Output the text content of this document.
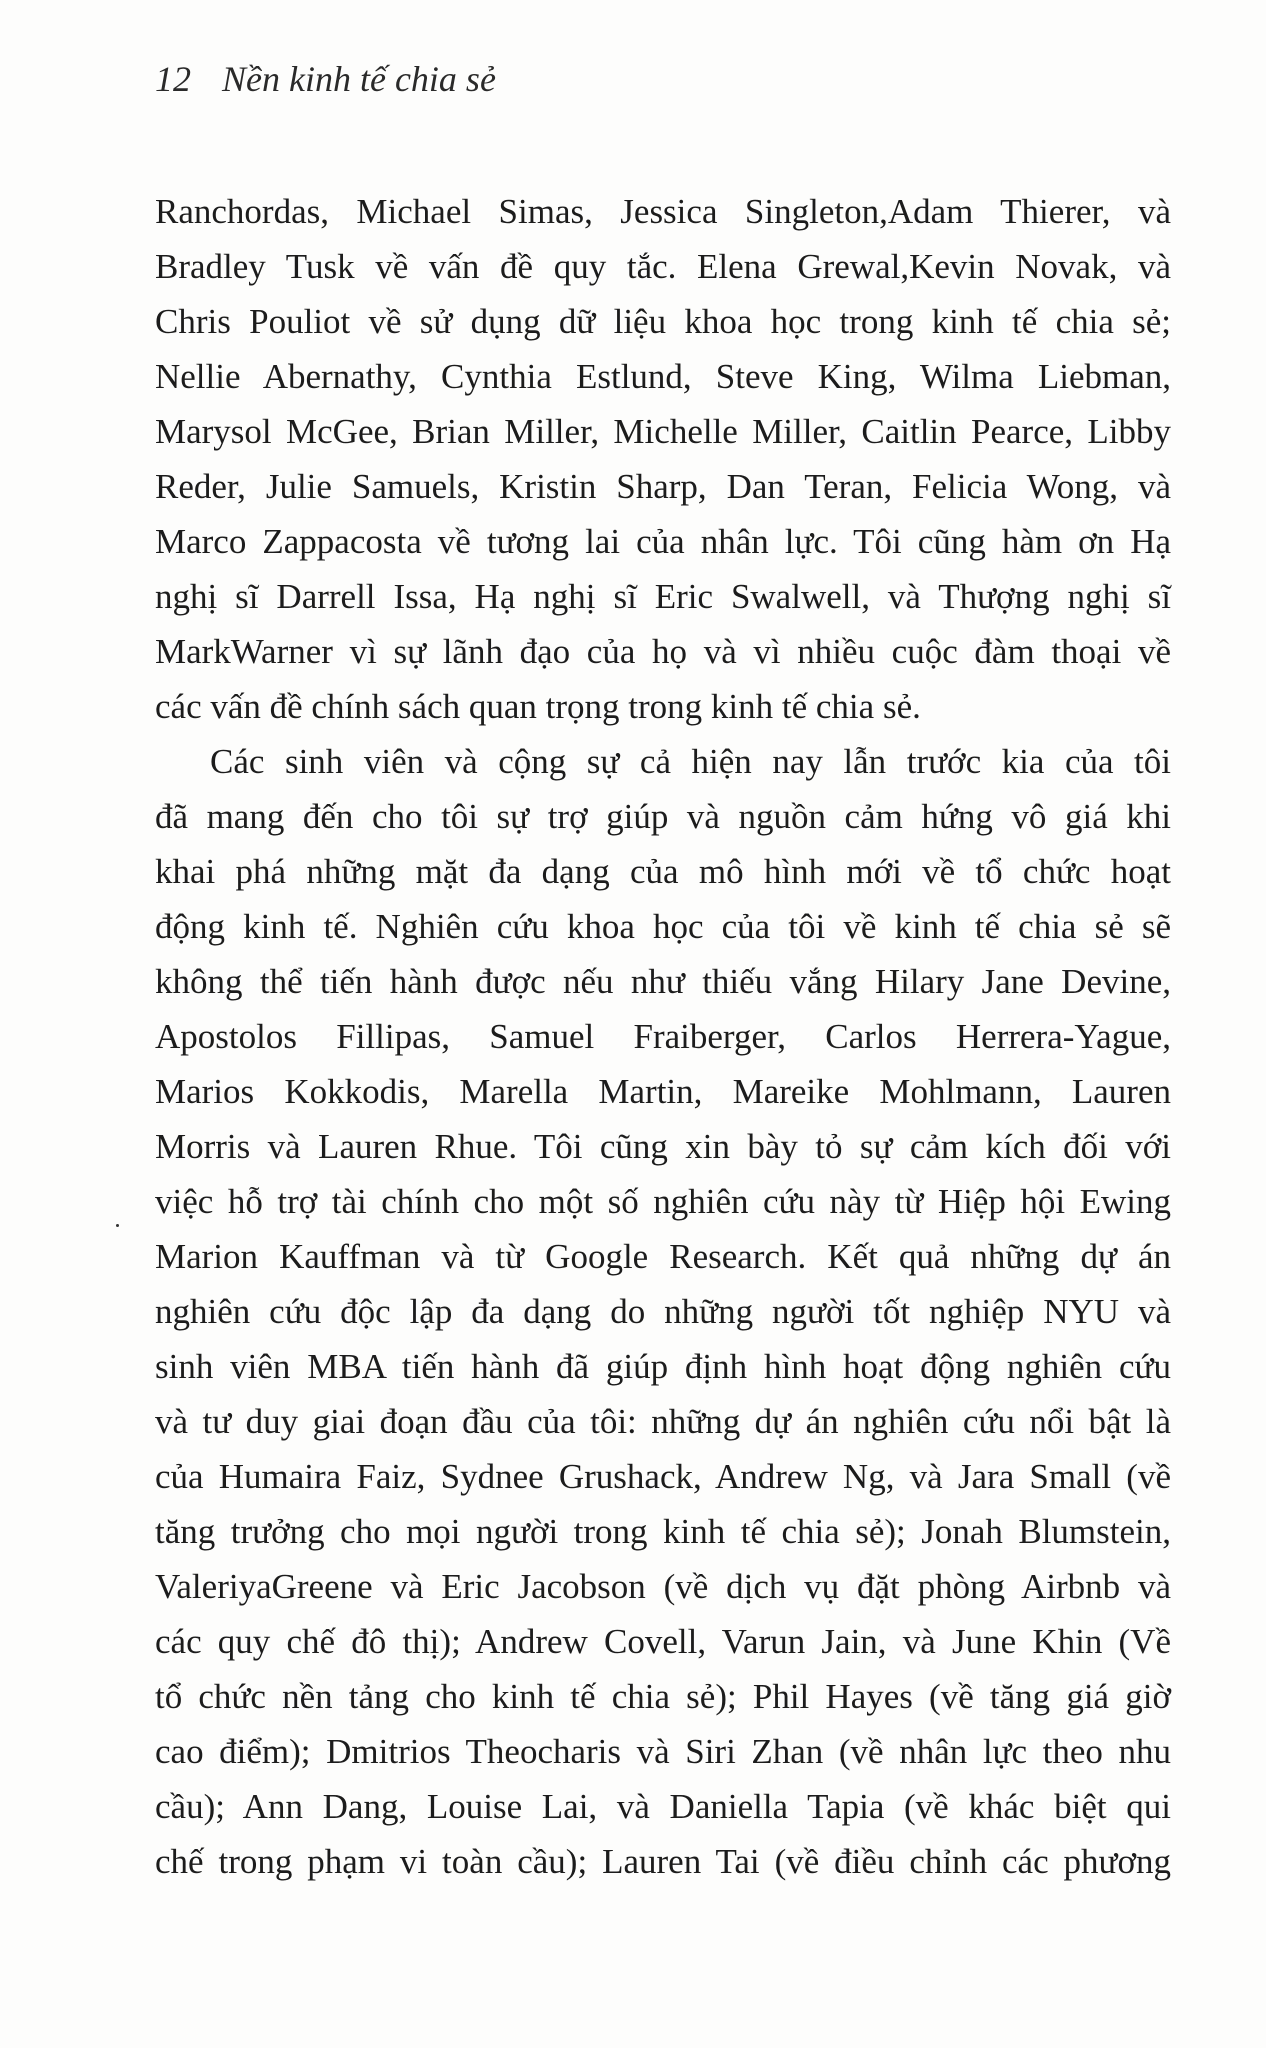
12 Nền kinh tế chia sẻ
Ranchordas, Michael Simas, Jessica Singleton,Adam Thierer, và
Bradley Tusk về vấn đề quy tắc. Elena Grewal,Kevin Novak, và
Chris Pouliot về sử dụng dữ liệu khoa học trong kinh tế chia sẻ;
Nellie Abernathy, Cynthia Estlund, Steve King, Wilma Liebman,
Marysol McGee, Brian Miller, Michelle Miller, Caitlin Pearce, Libby
Reder, Julie Samuels, Kristin Sharp, Dan Teran, Felicia Wong, và
Marco Zappacosta về tương lai của nhân lực. Tôi cũng hàm ơn Hạ
nghị sĩ Darrell Issa, Hạ nghị sĩ Eric Swalwell, và Thượng nghị sĩ
MarkWarner vì sự lãnh đạo của họ và vì nhiều cuộc đàm thoại về
các vấn đề chính sách quan trọng trong kinh tế chia sẻ.
Các sinh viên và cộng sự cả hiện nay lẫn trước kia của tôi
đã mang đến cho tôi sự trợ giúp và nguồn cảm hứng vô giá khi
khai phá những mặt đa dạng của mô hình mới về tổ chức hoạt
động kinh tế. Nghiên cứu khoa học của tôi về kinh tế chia sẻ sẽ
không thể tiến hành được nếu như thiếu vắng Hilary Jane Devine,
Apostolos Fillipas, Samuel Fraiberger, Carlos Herrera-Yague,
Marios Kokkodis, Marella Martin, Mareike Mohlmann, Lauren
Morris và Lauren Rhue. Tôi cũng xin bày tỏ sự cảm kích đối với
việc hỗ trợ tài chính cho một số nghiên cứu này từ Hiệp hội Ewing
Marion Kauffman và từ Google Research. Kết quả những dự án
nghiên cứu độc lập đa dạng do những người tốt nghiệp NYU và
sinh viên MBA tiến hành đã giúp định hình hoạt động nghiên cứu
và tư duy giai đoạn đầu của tôi: những dự án nghiên cứu nổi bật là
của Humaira Faiz, Sydnee Grushack, Andrew Ng, và Jara Small (về
tăng trưởng cho mọi người trong kinh tế chia sẻ); Jonah Blumstein,
ValeriyaGreene và Eric Jacobson (về dịch vụ đặt phòng Airbnb và
các quy chế đô thị); Andrew Covell, Varun Jain, và June Khin (Về
tổ chức nền tảng cho kinh tế chia sẻ); Phil Hayes (về tăng giá giờ
cao điểm); Dmitrios Theocharis và Siri Zhan (về nhân lực theo nhu
cầu); Ann Dang, Louise Lai, và Daniella Tapia (về khác biệt qui
chế trong phạm vi toàn cầu); Lauren Tai (về điều chỉnh các phương
